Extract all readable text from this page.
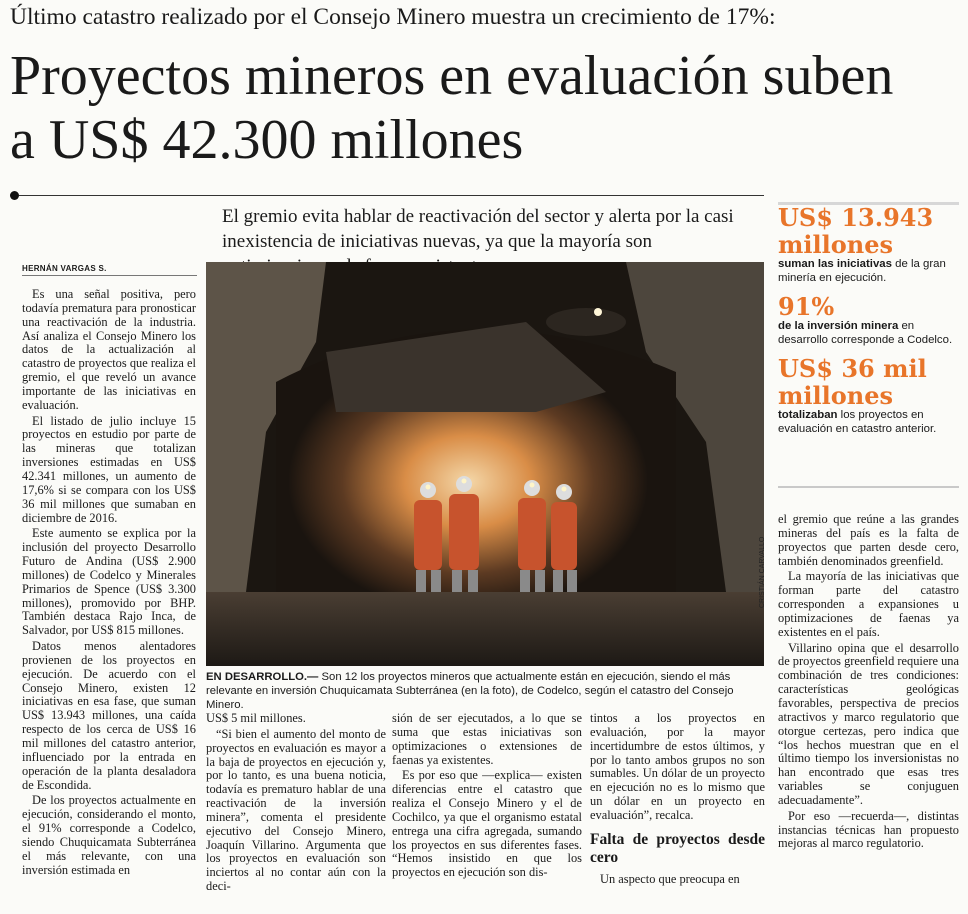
Último catastro realizado por el Consejo Minero muestra un crecimiento de 17%:
Proyectos mineros en evaluación suben a US$ 42.300 millones
El gremio evita hablar de reactivación del sector y alerta por la casi inexistencia de iniciativas nuevas, ya que la mayoría son
HERNÁN VARGAS S.

Es una señal positiva, pero todavía prematura para pronosticar una reactivación de la industria. Así analiza el Consejo Minero los datos de la actualización al catastro de proyectos que realiza el gremio, el que reveló un avance importante de las iniciativas en evaluación.

El listado de julio incluye 15 proyectos en estudio por parte de las mineras que totalizan inversiones estimadas en US$ 42.341 millones, un aumento de 17,6% si se compara con los US$ 36 mil millones que sumaban en diciembre de 2016.

Este aumento se explica por la inclusión del proyecto Desarrollo Futuro de Andina (US$ 2.900 millones) de Codelco y Minerales Primarios de Spence (US$ 3.300 millones), promovido por BHP. También destaca Rajo Inca, de Salvador, por US$ 815 millones.

Datos menos alentadores provienen de los proyectos en ejecución. De acuerdo con el Consejo Minero, existen 12 iniciativas en esa fase, que suman US$ 13.943 millones, una caída respecto de los cerca de US$ 16 mil millones del catastro anterior, influenciado por la entrada en operación de la planta desaladora de Escondida.

De los proyectos actualmente en ejecución, considerando el monto, el 91% corresponde a Codelco, siendo Chuquicamata Subterránea el más relevante, con una inversión estimada en

CRISTIÁN CARVALLO
EN DESARROLLO.— Son 12 los proyectos mineros que actualmente están en ejecución, siendo el más relevante en inversión Chuquicamata Subterránea (en la foto), de Codelco, según el catastro del Consejo Minero.

US$ 5 mil millones.

“Si bien el aumento del monto de proyectos en evaluación es mayor a la baja de proyectos en ejecución y, por lo tanto, es una buena noticia, todavía es prematuro hablar de una reactivación de la inversión minera”, comenta el presidente ejecutivo del Consejo Minero, Joaquín Villarino. Argumenta que los proyectos en evaluación son inciertos al no contar aún con la deci-

sión de ser ejecutados, a lo que se suma que estas iniciativas son optimizaciones o extensiones de faenas ya existentes.

Es por eso que —explica— existen diferencias entre el catastro que realiza el Consejo Minero y el de Cochilco, ya que el organismo estatal entrega una cifra agregada, sumando los proyectos en sus diferentes fases. “Hemos insistido en que los proyectos en ejecución son dis-

tintos a los proyectos en evaluación, por la mayor incertidumbre de estos últimos, y por lo tanto ambos grupos no son sumables. Un dólar de un proyecto en ejecución no es lo mismo que un dólar en un proyecto en evaluación”, recalca.

Falta de proyectos desde cero

Un aspecto que preocupa en

US$ 13.943 millones
suman las iniciativas de la gran minería en ejecución.
91%
de la inversión minera en desarrollo corresponde a Codelco.
US$ 36 mil millones
totalizaban los proyectos en evaluación en catastro anterior.

el gremio que reúne a las grandes mineras del país es la falta de proyectos que parten desde cero, también denominados greenfield.

La mayoría de las iniciativas que forman parte del catastro corresponden a expansiones u optimizaciones de faenas ya existentes en el país.

Villarino opina que el desarrollo de proyectos greenfield requiere una combinación de tres condiciones: características geológicas favorables, perspectiva de precios atractivos y marco regulatorio que otorgue certezas, pero indica que “los hechos muestran que en el último tiempo los inversionistas no han encontrado que esas tres variables se conjuguen adecuadamente”.

Por eso —recuerda—, distintas instancias técnicas han propuesto mejoras al marco regulatorio.
